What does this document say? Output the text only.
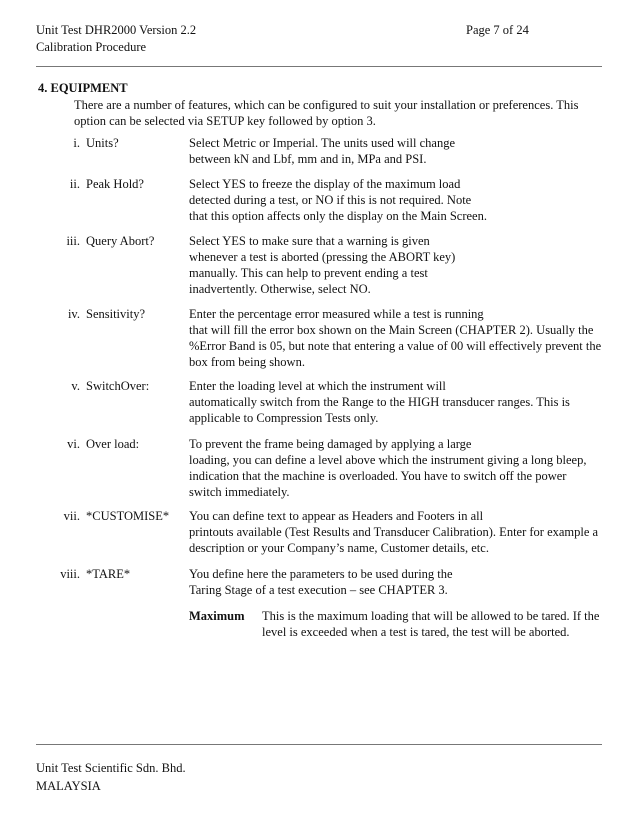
Unit Test DHR2000 Version 2.2	Page 7 of 24
Calibration Procedure
4. EQUIPMENT
There are a number of features, which can be configured to suit your installation or preferences. This
option can be selected via SETUP key followed by option 3.
i. Units?	Select Metric or Imperial. The units used will change

between kN and Lbf, mm and in, MPa and PSI.

ii. Peak Hold?	Select YES to freeze the display of the maximum load

detected during a test, or NO if this is not required. Note

that this option affects only the display on the Main Screen.

iii. Query Abort?	Select YES to make sure that a warning is given

whenever a test is aborted (pressing the ABORT key)

manually. This can help to prevent ending a test

inadvertently. Otherwise, select NO.

iv. Sensitivity?	Enter the percentage error measured while a test is running

that will fill the error box shown on the Main Screen (CHAPTER 2). Usually the

%Error Band is 05, but note that entering a value of 00 will effectively prevent the

box from being shown.

v. SwitchOver:	Enter the loading level at which the instrument will

automatically switch from the Range to the HIGH transducer ranges. This is

applicable to Compression Tests only.

vi. Over load:	To prevent the frame being damaged by applying a large

loading, you can define a level above which the instrument giving a long bleep,

indication that the machine is overloaded. You have to switch off the power

switch immediately.

vii. *CUSTOMISE* You can define text to appear as Headers and Footers in all

printouts available (Test Results and Transducer Calibration). Enter for example a

description or your Company’s name, Customer details, etc.

viii. *TARE*	You define here the parameters to be used during the

Taring Stage of a test execution – see CHAPTER 3.

Maximum This is the maximum loading that will be allowed to be tared. If the

level is exceeded when a test is tared, the test will be aborted.

Unit Test Scientific Sdn. Bhd.
MALAYSIA
